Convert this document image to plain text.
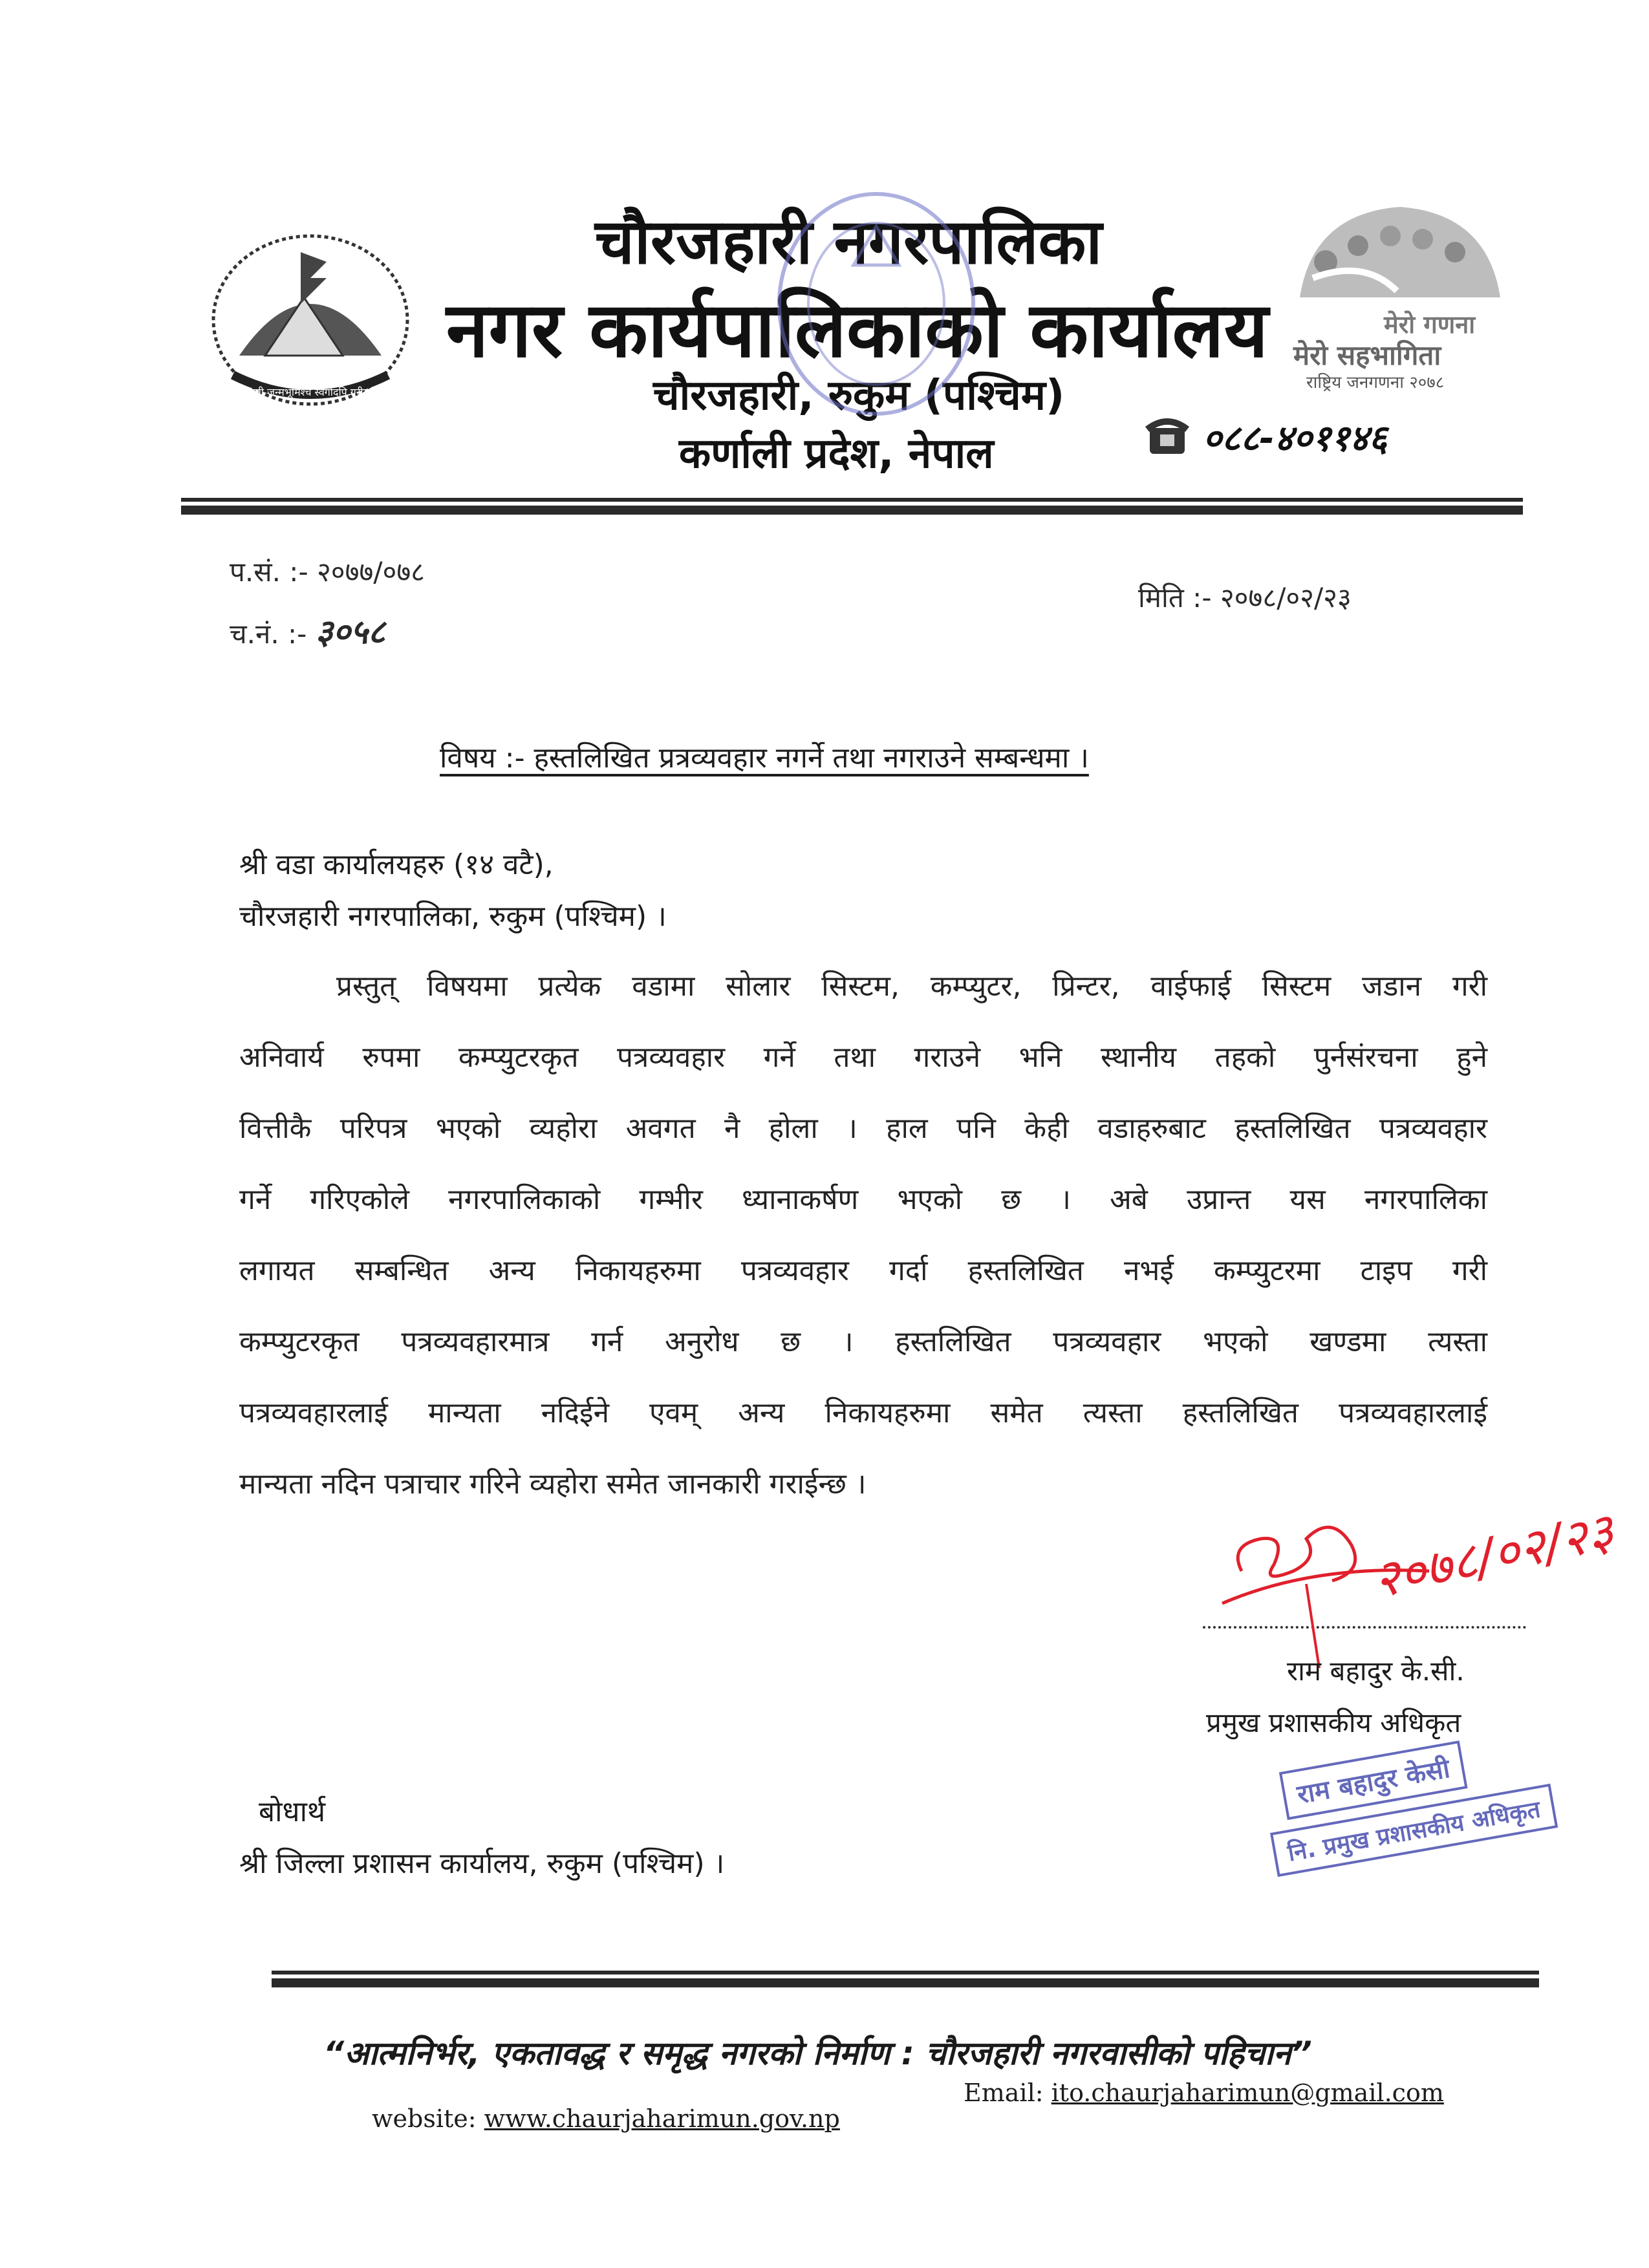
जननी जन्मभूमिश्च स्वर्गादपि गरीयसी
चौरजहारी नगरपालिका
नगर कार्यपालिकाको कार्यालय
चौरजहारी, रुकुम (पश्चिम)
कर्णाली प्रदेश, नेपाल
मेरो गणना
मेरो सहभागिता
राष्ट्रिय जनगणना २०७८
०८८-४०११४६
प.सं. :- २०७७/०७८
च.नं. :- ३०५८
मिति :- २०७८/०२/२३
विषय :- हस्तलिखित प्रत्रव्यवहार नगर्ने तथा नगराउने सम्बन्धमा ।
श्री वडा कार्यालयहरु (१४ वटै),
चौरजहारी नगरपालिका, रुकुम (पश्चिम) ।
प्रस्तुत् विषयमा प्रत्येक वडामा सोलार सिस्टम, कम्प्युटर, प्रिन्टर, वाईफाई सिस्टम जडान गरी
अनिवार्य रुपमा कम्प्युटरकृत पत्रव्यवहार गर्ने तथा गराउने भनि स्थानीय तहको पुर्नसंरचना हुने
वित्तीकै परिपत्र भएको व्यहोरा अवगत नै होला । हाल पनि केही वडाहरुबाट हस्तलिखित पत्रव्यवहार
गर्ने गरिएकोले नगरपालिकाको गम्भीर ध्यानाकर्षण भएको छ । अबे उप्रान्त यस नगरपालिका
लगायत सम्बन्धित अन्य निकायहरुमा पत्रव्यवहार गर्दा हस्तलिखित नभई कम्प्युटरमा टाइप गरी
कम्प्युटरकृत पत्रव्यवहारमात्र गर्न अनुरोध छ । हस्तलिखित पत्रव्यवहार भएको खण्डमा त्यस्ता
पत्रव्यवहारलाई मान्यता नदिईने एवम् अन्य निकायहरुमा समेत त्यस्ता हस्तलिखित पत्रव्यवहारलाई
मान्यता नदिन पत्राचार गरिने व्यहोरा समेत जानकारी गराईन्छ ।
२०७८/०२/२३
राम बहादुर के.सी.
प्रमुख प्रशासकीय अधिकृत
राम बहादुर केसी
नि. प्रमुख प्रशासकीय अधिकृत
बोधार्थ
श्री जिल्ला प्रशासन कार्यालय, रुकुम (पश्चिम) ।
“आत्मनिर्भर, एकतावद्ध र समृद्ध नगरको निर्माण : चौरजहारी नगरवासीको पहिचान”
website: www.chaurjaharimun.gov.np
Email: ito.chaurjaharimun@gmail.com
